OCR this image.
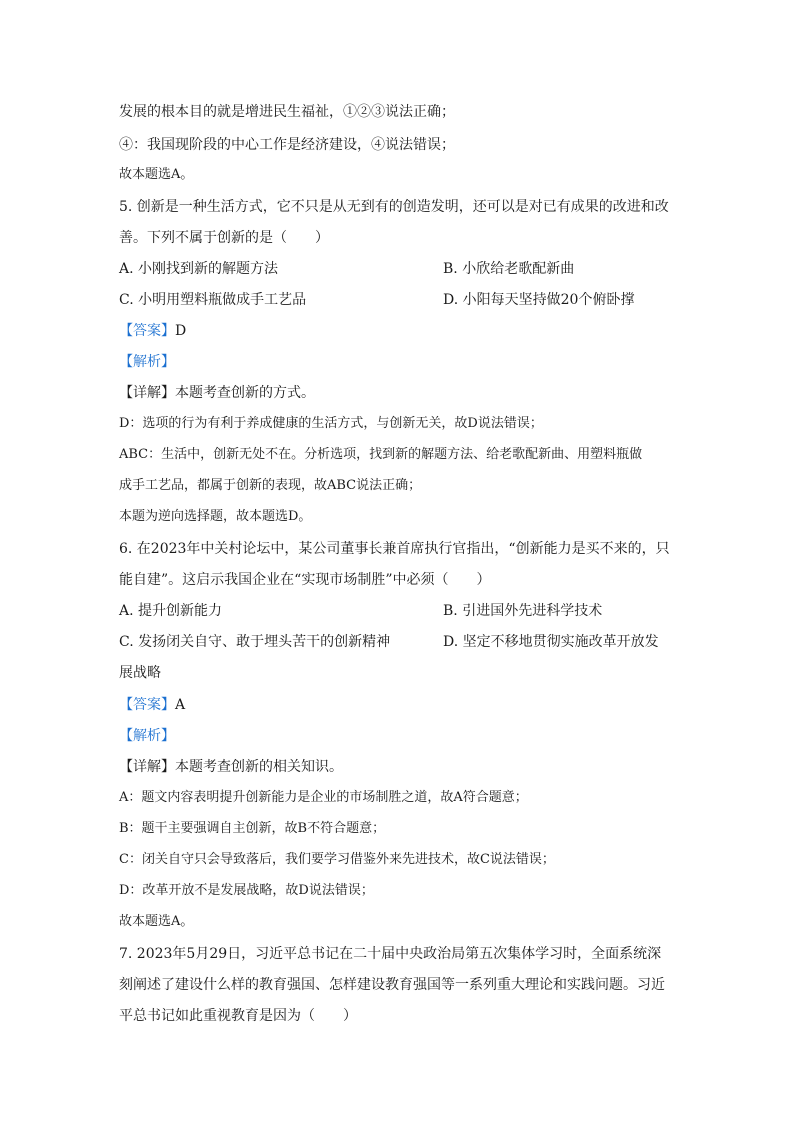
发展的根本目的就是增进民生福祉，①②③说法正确；
④：我国现阶段的中心工作是经济建设，④说法错误；
故本题选A。
5. 创新是一种生活方式，它不只是从无到有的创造发明，还可以是对已有成果的改进和改
善。下列不属于创新的是（　　）
A. 小刚找到新的解题方法	B. 小欣给老歌配新曲
C. 小明用塑料瓶做成手工艺品	D. 小阳每天坚持做20个俯卧撑
【答案】D
【解析】
【详解】本题考查创新的方式。
D：选项的行为有利于养成健康的生活方式，与创新无关，故D说法错误；
ABC：生活中，创新无处不在。分析选项，找到新的解题方法、给老歌配新曲、用塑料瓶做
成手工艺品，都属于创新的表现，故ABC说法正确；
本题为逆向选择题，故本题选D。
6. 在2023年中关村论坛中，某公司董事长兼首席执行官指出，“创新能力是买不来的，只
能自建”。这启示我国企业在“实现市场制胜”中必须（　　）
A. 提升创新能力	B. 引进国外先进科学技术
C. 发扬闭关自守、敢于埋头苦干的创新精神	D. 坚定不移地贯彻实施改革开放发
展战略
【答案】A
【解析】
【详解】本题考查创新的相关知识。
A：题文内容表明提升创新能力是企业的市场制胜之道，故A符合题意；
B：题干主要强调自主创新，故B不符合题意；
C：闭关自守只会导致落后，我们要学习借鉴外来先进技术，故C说法错误；
D：改革开放不是发展战略，故D说法错误；
故本题选A。
7. 2023年5月29日，习近平总书记在二十届中央政治局第五次集体学习时，全面系统深
刻阐述了建设什么样的教育强国、怎样建设教育强国等一系列重大理论和实践问题。习近
平总书记如此重视教育是因为（　　）
